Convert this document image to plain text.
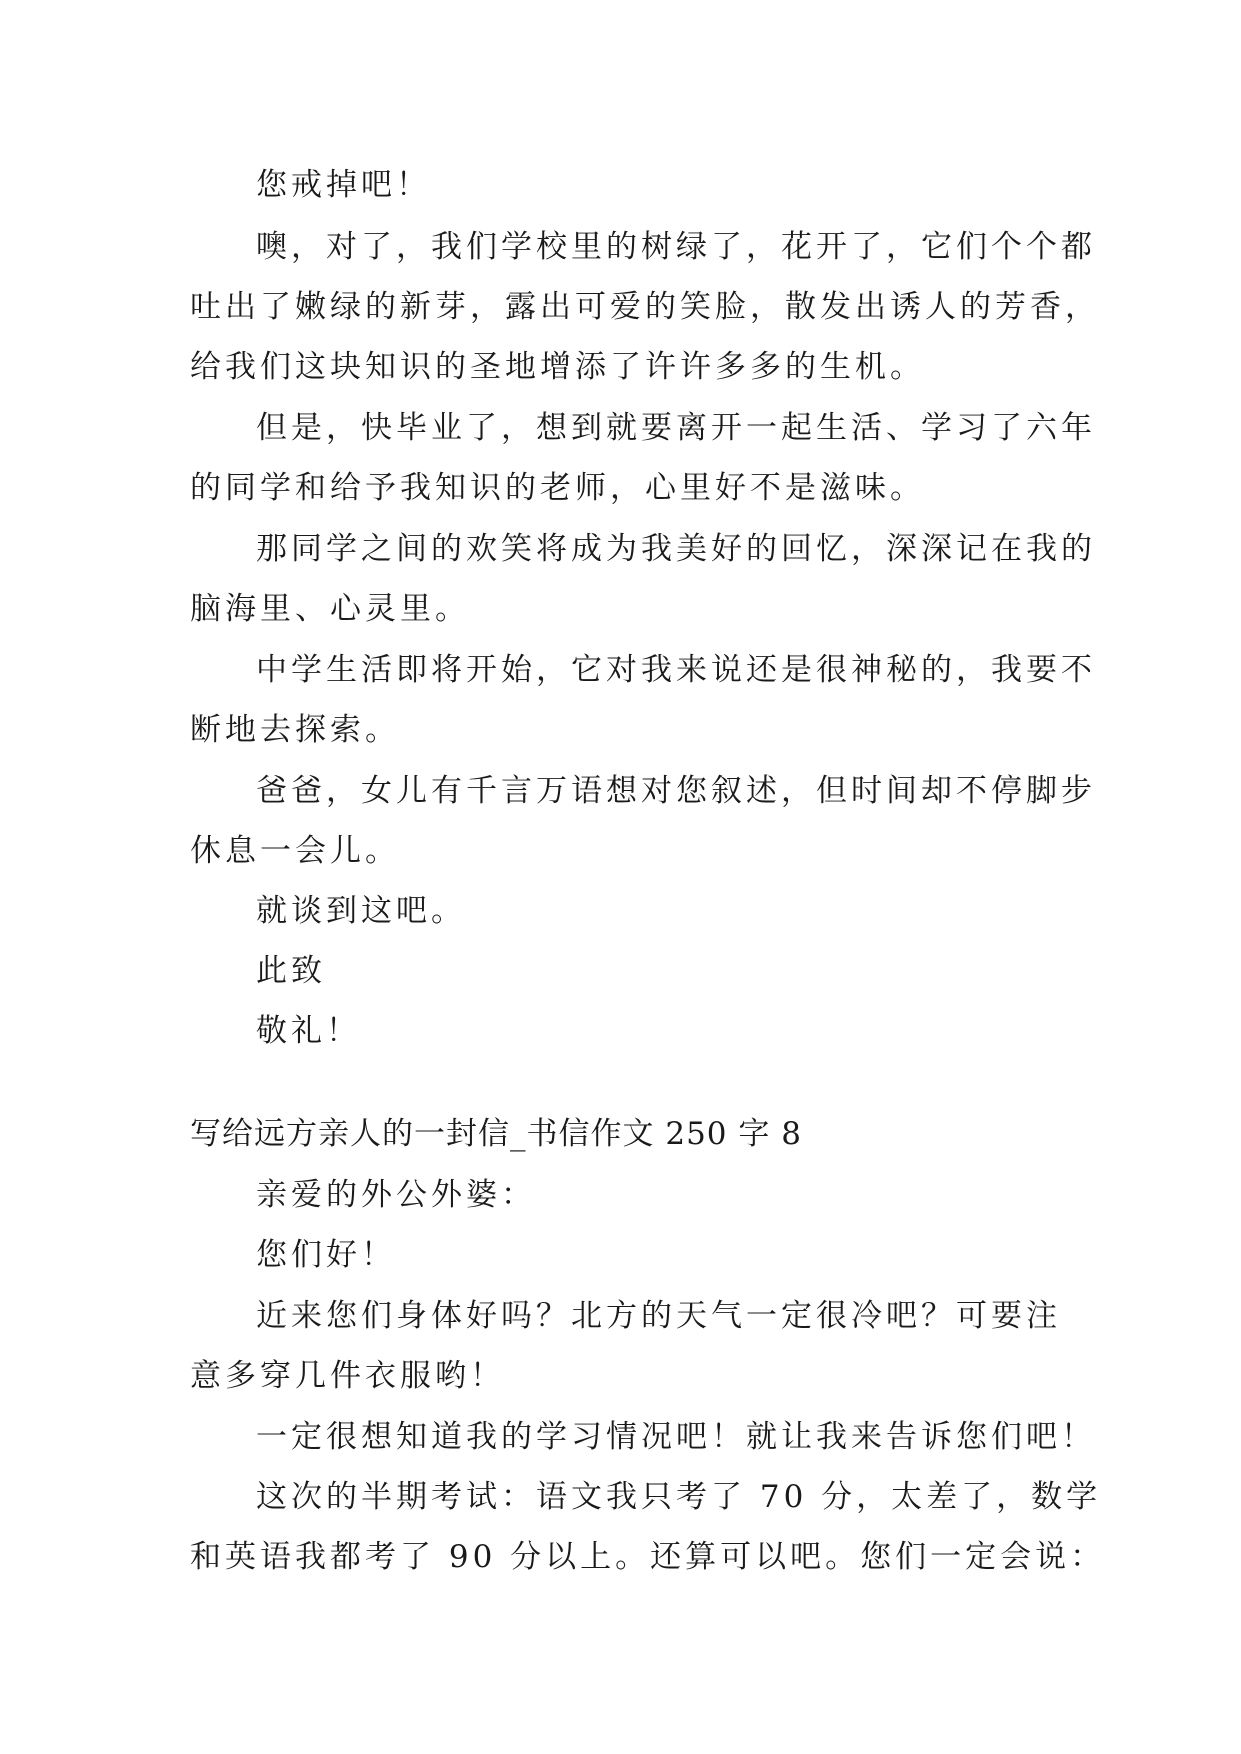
您戒掉吧！
噢，对了，我们学校里的树绿了，花开了，它们个个都
吐出了嫩绿的新芽，露出可爱的笑脸，散发出诱人的芳香，
给我们这块知识的圣地增添了许许多多的生机。
但是，快毕业了，想到就要离开一起生活、学习了六年
的同学和给予我知识的老师，心里好不是滋味。
那同学之间的欢笑将成为我美好的回忆，深深记在我的
脑海里、心灵里。
中学生活即将开始，它对我来说还是很神秘的，我要不
断地去探索。
爸爸，女儿有千言万语想对您叙述，但时间却不停脚步
休息一会儿。
就谈到这吧。
此致
敬礼！
写给远方亲人的一封信_书信作文 250 字 8
亲爱的外公外婆：
您们好！
近来您们身体好吗？北方的天气一定很冷吧？可要注
意多穿几件衣服哟！
一定很想知道我的学习情况吧！就让我来告诉您们吧！
这次的半期考试：语文我只考了 70 分，太差了，数学
和英语我都考了 90 分以上。还算可以吧。您们一定会说：
